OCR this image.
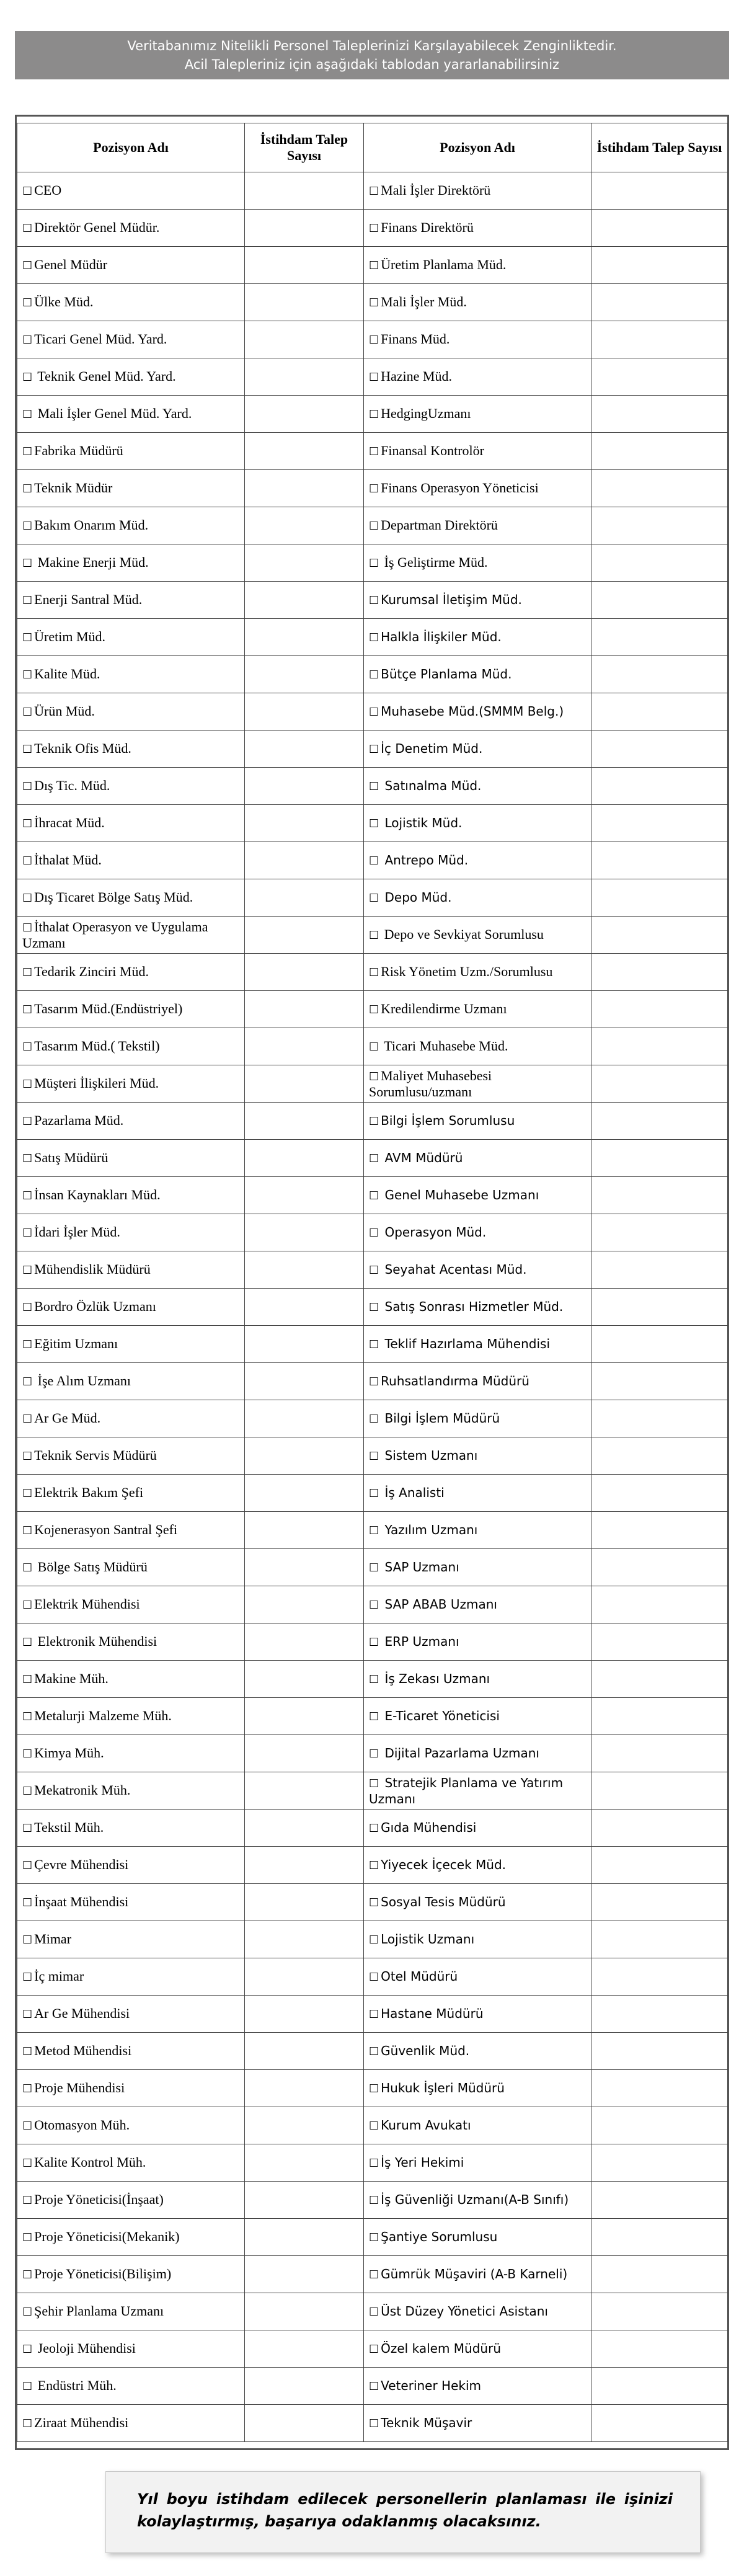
Veritabanımız Nitelikli Personel Taleplerinizi Karşılayabilecek Zenginliktedir.
Acil Talepleriniz için aşağıdaki tablodan yararlanabilirsiniz
Pozisyon Adı	İstihdam Talep Sayısı	Pozisyon Adı	İstihdam Talep Sayısı
☐ CEO		☐ Mali İşler Direktörü	
☐ Direktör Genel Müdür.		☐ Finans Direktörü	
☐ Genel Müdür		☐ Üretim Planlama Müd.	
☐ Ülke Müd.		☐ Mali İşler Müd.	
☐ Ticari Genel Müd. Yard.		☐ Finans Müd.	
☐ Teknik Genel Müd. Yard.		☐ Hazine Müd.	
☐ Mali İşler Genel Müd. Yard.		☐ HedgingUzmanı	
☐ Fabrika Müdürü		☐ Finansal Kontrolör	
☐ Teknik Müdür		☐ Finans Operasyon Yöneticisi	
☐ Bakım Onarım Müd.		☐ Departman Direktörü	
☐ Makine Enerji Müd.		☐ İş Geliştirme Müd.	
☐ Enerji Santral Müd.		☐ Kurumsal İletişim Müd.	
☐ Üretim Müd.		☐ Halkla İlişkiler Müd.	
☐ Kalite Müd.		☐ Bütçe Planlama Müd.	
☐ Ürün Müd.		☐ Muhasebe Müd.(SMMM Belg.)	
☐ Teknik Ofis Müd.		☐ İç Denetim Müd.	
☐ Dış Tic. Müd.		☐ Satınalma Müd.	
☐ İhracat Müd.		☐ Lojistik Müd.	
☐ İthalat Müd.		☐ Antrepo Müd.	
☐ Dış Ticaret Bölge Satış Müd.		☐ Depo Müd.	
☐ İthalat Operasyon ve Uygulama Uzmanı		☐ Depo ve Sevkiyat Sorumlusu	
☐ Tedarik Zinciri Müd.		☐ Risk Yönetim Uzm./Sorumlusu	
☐ Tasarım Müd.(Endüstriyel)		☐ Kredilendirme Uzmanı	
☐ Tasarım Müd.( Tekstil)		☐ Ticari Muhasebe Müd.	
☐ Müşteri İlişkileri Müd.		☐ Maliyet Muhasebesi Sorumlusu/uzmanı	
☐ Pazarlama Müd.		☐ Bilgi İşlem Sorumlusu	
☐ Satış Müdürü		☐ AVM Müdürü	
☐ İnsan Kaynakları Müd.		☐ Genel Muhasebe Uzmanı	
☐ İdari İşler Müd.		☐ Operasyon Müd.	
☐ Mühendislik Müdürü		☐ Seyahat Acentası Müd.	
☐ Bordro Özlük Uzmanı		☐ Satış Sonrası Hizmetler Müd.	
☐ Eğitim Uzmanı		☐ Teklif Hazırlama Mühendisi	
☐ İşe Alım Uzmanı		☐ Ruhsatlandırma Müdürü	
☐ Ar Ge Müd.		☐ Bilgi İşlem Müdürü	
☐ Teknik Servis Müdürü		☐ Sistem Uzmanı	
☐ Elektrik Bakım Şefi		☐ İş Analisti	
☐ Kojenerasyon Santral Şefi		☐ Yazılım Uzmanı	
☐ Bölge Satış Müdürü		☐ SAP Uzmanı	
☐ Elektrik Mühendisi		☐ SAP ABAB Uzmanı	
☐ Elektronik Mühendisi		☐ ERP Uzmanı	
☐ Makine Müh.		☐ İş Zekası Uzmanı	
☐ Metalurji Malzeme Müh.		☐ E-Ticaret Yöneticisi	
☐ Kimya Müh.		☐ Dijital Pazarlama Uzmanı	
☐ Mekatronik Müh.		☐ Stratejik Planlama ve Yatırım Uzmanı	
☐ Tekstil Müh.		☐ Gıda Mühendisi	
☐ Çevre Mühendisi		☐ Yiyecek İçecek Müd.	
☐ İnşaat Mühendisi		☐ Sosyal Tesis Müdürü	
☐ Mimar		☐ Lojistik Uzmanı	
☐ İç mimar		☐ Otel Müdürü	
☐ Ar Ge Mühendisi		☐ Hastane Müdürü	
☐ Metod Mühendisi		☐ Güvenlik Müd.	
☐ Proje Mühendisi		☐ Hukuk İşleri Müdürü	
☐ Otomasyon Müh.		☐ Kurum Avukatı	
☐ Kalite Kontrol Müh.		☐ İş Yeri Hekimi	
☐ Proje Yöneticisi(İnşaat)		☐ İş Güvenliği Uzmanı(A-B Sınıfı)	
☐ Proje Yöneticisi(Mekanik)		☐ Şantiye Sorumlusu	
☐ Proje Yöneticisi(Bilişim)		☐ Gümrük Müşaviri (A-B Karneli)	
☐ Şehir Planlama Uzmanı		☐ Üst Düzey Yönetici Asistanı	
☐ Jeoloji Mühendisi		☐ Özel kalem Müdürü	
☐ Endüstri Müh.		☐ Veteriner Hekim	
☐ Ziraat Mühendisi		☐ Teknik Müşavir	
Yıl boyu istihdam edilecek personellerin planlaması ile işinizi kolaylaştırmış, başarıya odaklanmış olacaksınız.
